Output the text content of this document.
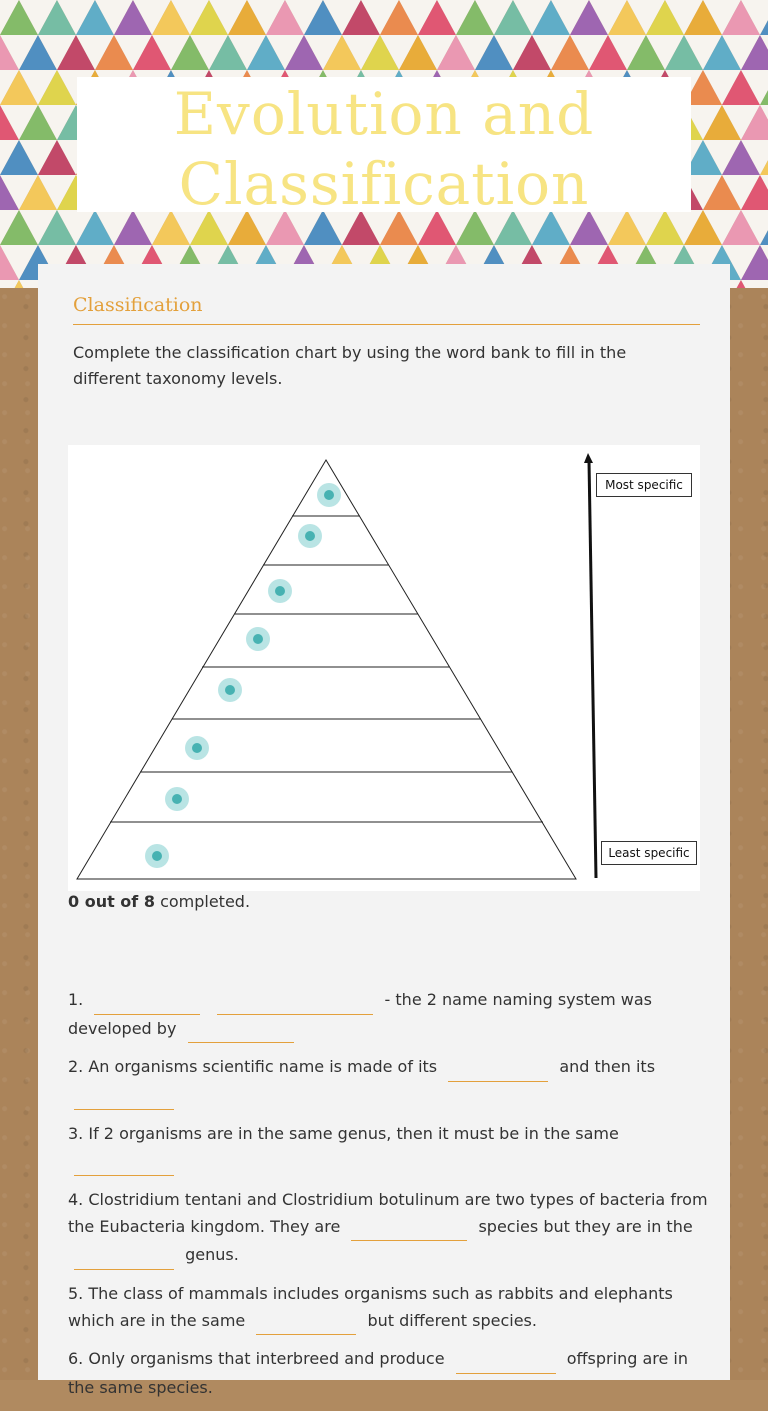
Evolution and Classification
Classification
Complete the classification chart by using the word bank to fill in the different taxonomy levels.
Most specific
Least specific
0 out of 8 completed.

1.	- the 2 name naming system was developed by

2. An organisms scientific name is made of its	and then its

3. If 2 organisms are in the same genus, then it must be in the same

4. Clostridium tentani and Clostridium botulinum are two types of bacteria from the Eubacteria kingdom. They are	species but they are in the  genus.

5. The class of mammals includes organisms such as rabbits and elephants which are in the same	but different species.

6. Only organisms that interbreed and produce	offspring are in the same species.
